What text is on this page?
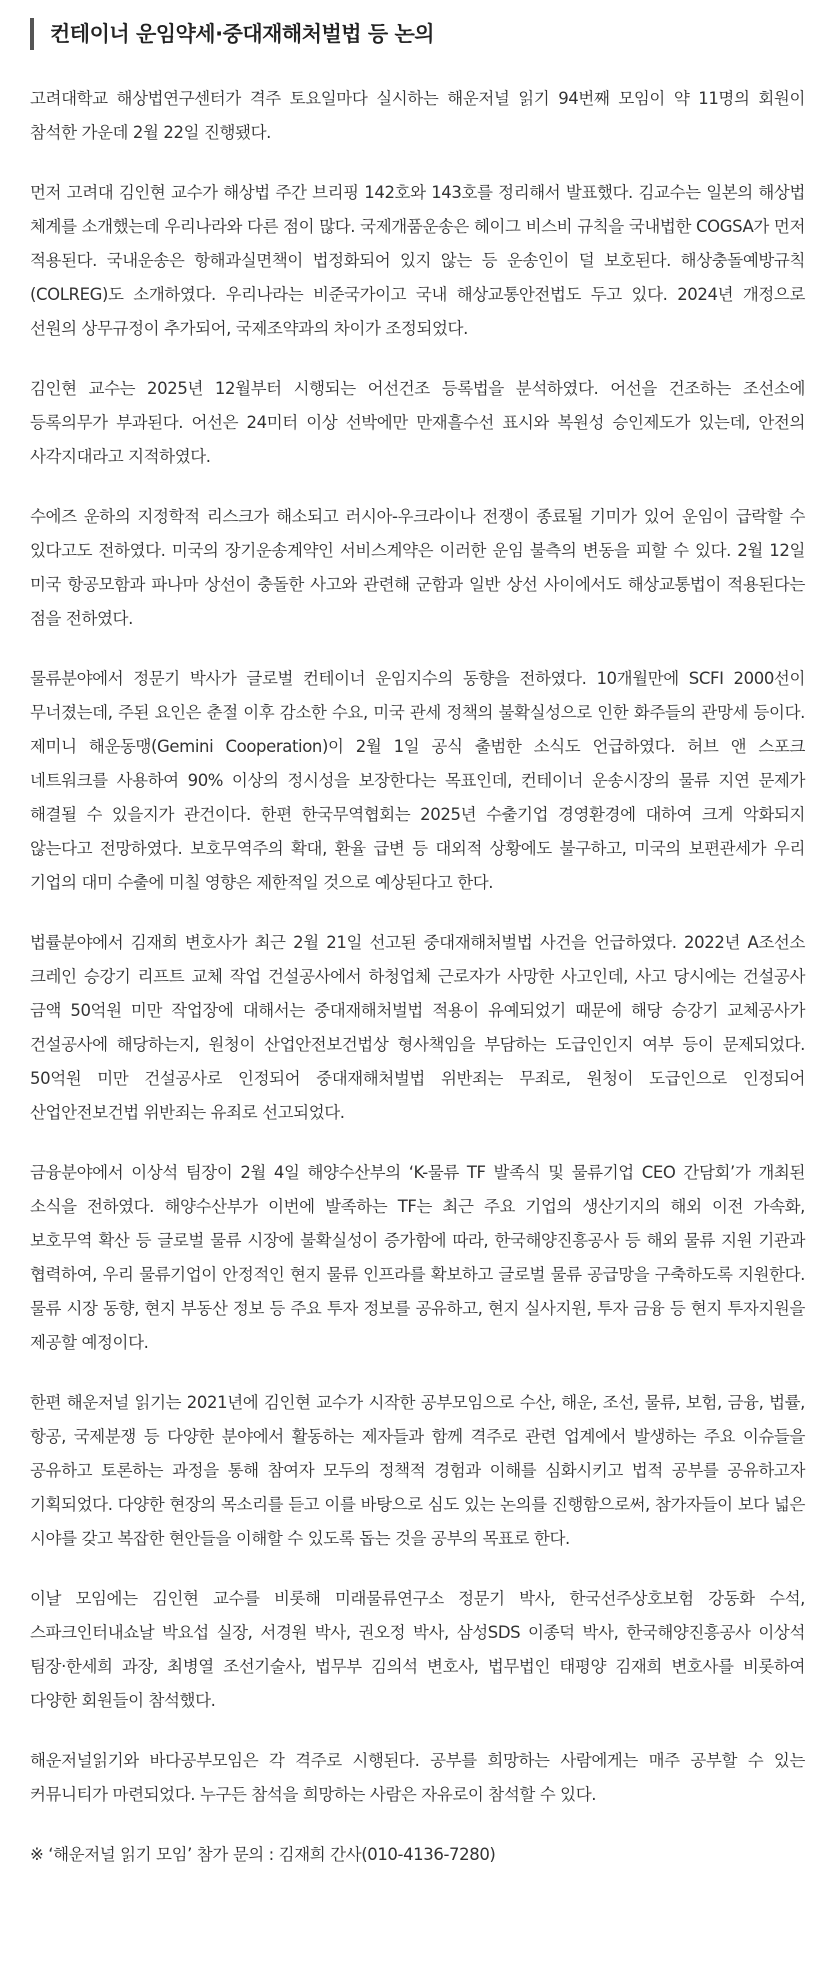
컨테이너 운임약세·중대재해처벌법 등 논의

고려대학교 해상법연구센터가 격주 토요일마다 실시하는 해운저널 읽기 94번째 모임이 약 11명의 회원이 참석한 가운데 2월 22일 진행됐다.

먼저 고려대 김인현 교수가 해상법 주간 브리핑 142호와 143호를 정리해서 발표했다. 김교수는 일본의 해상법 체계를 소개했는데 우리나라와 다른 점이 많다. 국제개품운송은 헤이그 비스비 규칙을 국내법한 COGSA가 먼저 적용된다. 국내운송은 항해과실면책이 법정화되어 있지 않는 등 운송인이 덜 보호된다. 해상충돌예방규칙(COLREG)도 소개하였다. 우리나라는 비준국가이고 국내 해상교통안전법도 두고 있다. 2024년 개정으로 선원의 상무규정이 추가되어, 국제조약과의 차이가 조정되었다.

김인현 교수는 2025년 12월부터 시행되는 어선건조 등록법을 분석하였다. 어선을 건조하는 조선소에 등록의무가 부과된다. 어선은 24미터 이상 선박에만 만재흘수선 표시와 복원성 승인제도가 있는데, 안전의 사각지대라고 지적하였다.

수에즈 운하의 지정학적 리스크가 해소되고 러시아-우크라이나 전쟁이 종료될 기미가 있어 운임이 급락할 수 있다고도 전하였다. 미국의 장기운송계약인 서비스계약은 이러한 운임 불측의 변동을 피할 수 있다. 2월 12일 미국 항공모함과 파나마 상선이 충돌한 사고와 관련해 군함과 일반 상선 사이에서도 해상교통법이 적용된다는 점을 전하였다.

물류분야에서 정문기 박사가 글로벌 컨테이너 운임지수의 동향을 전하였다. 10개월만에 SCFI 2000선이 무너졌는데, 주된 요인은 춘절 이후 감소한 수요, 미국 관세 정책의 불확실성으로 인한 화주들의 관망세 등이다. 제미니 해운동맹(Gemini Cooperation)이 2월 1일 공식 출범한 소식도 언급하였다. 허브 앤 스포크 네트워크를 사용하여 90% 이상의 정시성을 보장한다는 목표인데, 컨테이너 운송시장의 물류 지연 문제가 해결될 수 있을지가 관건이다. 한편 한국무역협회는 2025년 수출기업 경영환경에 대하여 크게 악화되지 않는다고 전망하였다. 보호무역주의 확대, 환율 급변 등 대외적 상황에도 불구하고, 미국의 보편관세가 우리 기업의 대미 수출에 미칠 영향은 제한적일 것으로 예상된다고 한다.

법률분야에서 김재희 변호사가 최근 2월 21일 선고된 중대재해처벌법 사건을 언급하였다. 2022년 A조선소 크레인 승강기 리프트 교체 작업 건설공사에서 하청업체 근로자가 사망한 사고인데, 사고 당시에는 건설공사 금액 50억원 미만 작업장에 대해서는 중대재해처벌법 적용이 유예되었기 때문에 해당 승강기 교체공사가 건설공사에 해당하는지, 원청이 산업안전보건법상 형사책임을 부담하는 도급인인지 여부 등이 문제되었다. 50억원 미만 건설공사로 인정되어 중대재해처벌법 위반죄는 무죄로, 원청이 도급인으로 인정되어 산업안전보건법 위반죄는 유죄로 선고되었다.

금융분야에서 이상석 팀장이 2월 4일 해양수산부의 ‘K-물류 TF 발족식 및 물류기업 CEO 간담회’가 개최된 소식을 전하였다. 해양수산부가 이번에 발족하는 TF는 최근 주요 기업의 생산기지의 해외 이전 가속화, 보호무역 확산 등 글로벌 물류 시장에 불확실성이 증가함에 따라, 한국해양진흥공사 등 해외 물류 지원 기관과 협력하여, 우리 물류기업이 안정적인 현지 물류 인프라를 확보하고 글로벌 물류 공급망을 구축하도록 지원한다. 물류 시장 동향, 현지 부동산 정보 등 주요 투자 정보를 공유하고, 현지 실사지원, 투자 금융 등 현지 투자지원을 제공할 예정이다.

한편 해운저널 읽기는 2021년에 김인현 교수가 시작한 공부모임으로 수산, 해운, 조선, 물류, 보험, 금융, 법률, 항공, 국제분쟁 등 다양한 분야에서 활동하는 제자들과 함께 격주로 관련 업계에서 발생하는 주요 이슈들을 공유하고 토론하는 과정을 통해 참여자 모두의 정책적 경험과 이해를 심화시키고 법적 공부를 공유하고자 기획되었다. 다양한 현장의 목소리를 듣고 이를 바탕으로 심도 있는 논의를 진행함으로써, 참가자들이 보다 넓은 시야를 갖고 복잡한 현안들을 이해할 수 있도록 돕는 것을 공부의 목표로 한다.

이날 모임에는 김인현 교수를 비롯해 미래물류연구소 정문기 박사, 한국선주상호보험 강동화 수석, 스파크인터내쇼날 박요섭 실장, 서경원 박사, 권오정 박사, 삼성SDS 이종덕 박사, 한국해양진흥공사 이상석 팀장·한세희 과장, 최병열 조선기술사, 법무부 김의석 변호사, 법무법인 태평양 김재희 변호사를 비롯하여 다양한 회원들이 참석했다.

해운저널읽기와 바다공부모임은 각 격주로 시행된다. 공부를 희망하는 사람에게는 매주 공부할 수 있는 커뮤니티가 마련되었다. 누구든 참석을 희망하는 사람은 자유로이 참석할 수 있다.

※ ‘해운저널 읽기 모임’ 참가 문의 : 김재희 간사(010-4136-7280)
